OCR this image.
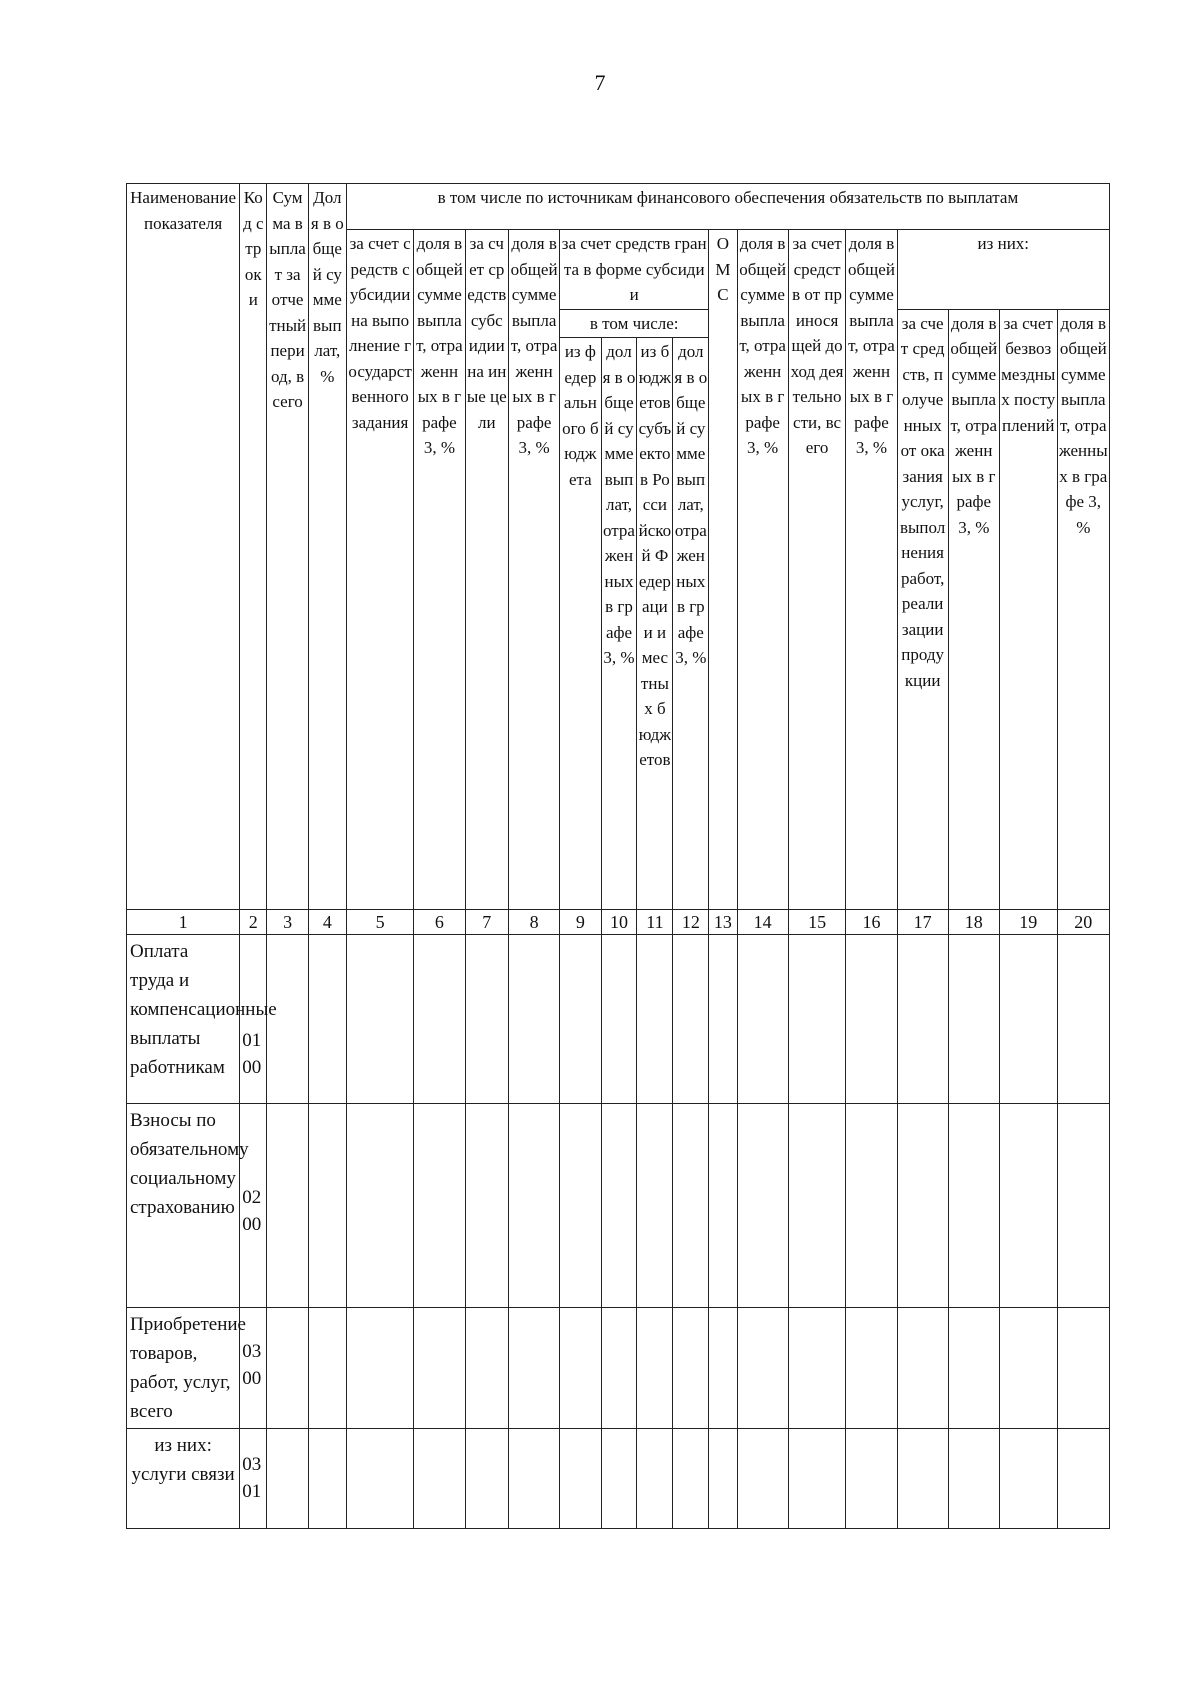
7
Наименование показателя	Код строки	Сумма выплат за отчетный период, всего	Доля в общей сумме выплат, %	в том числе по источникам финансового обеспечения обязательств по выплатам															
				за счет средств субсидии на выполнение государственного задания	доля в общей сумме выплат, отраженных в графе 3, %	за счет средств субсидии на иные цели	доля в общей сумме выплат, отраженных в графе 3, %	за счет средств гранта в форме субсидии				ОМС	доля в общей сумме выплат, отраженных в графе 3, %	за счет средств от приносящей доход деятельности, всего	доля в общей сумме выплат, отраженных в графе 3, %	из них:			
								в том числе:								за счет средств, полученных от оказания услуг, выполнения работ, реализации продукции	доля в общей сумме выплат, отраженных в графе 3, %	за счет безвозмездных поступлений	доля в общей сумме выплат, отраженных в графе 3, %
								из федерального бюджета	доля в общей сумме выплат, отраженных в графе 3, %	из бюджетов субъектов Российской Федерации и местных бюджетов	доля в общей сумме выплат, отраженных в графе 3, %								
1	2	3	4	5	6	7	8	9	10	11	12	13	14	15	16	17	18	19	20
Оплата труда и компенсационные выплаты работникам	0100																		
Взносы по обязательному социальному страхованию	0200																		
Приобретение товаров, работ, услуг, всего	0300																		
из них: услуги связи	0301																		
